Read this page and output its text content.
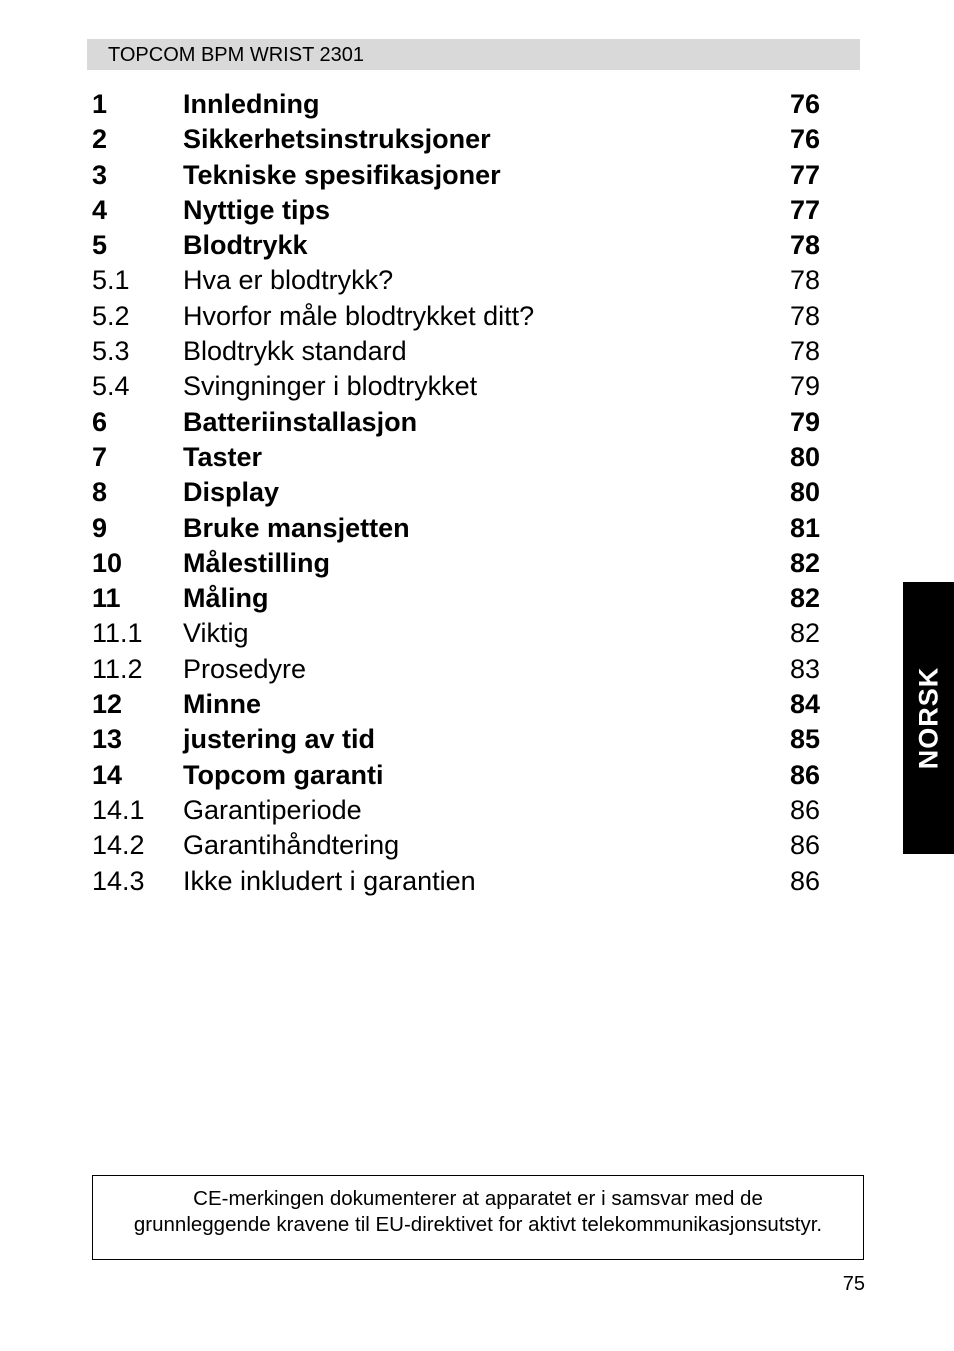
TOPCOM BPM WRIST 2301
1	Innledning	76
2	Sikkerhetsinstruksjoner	76
3	Tekniske spesifikasjoner	77
4	Nyttige tips	77
5	Blodtrykk	78
5.1 Hva er blodtrykk?	78
5.2 Hvorfor måle blodtrykket ditt?	78
5.3 Blodtrykk standard	78
5.4 Svingninger i blodtrykket	79
6	Batteriinstallasjon	79
7	Taster	80
8	Display	80
9	Bruke mansjetten	81
10 Målestilling	82
11 Måling	82
11.1 Viktig	82
11.2 Prosedyre	83
12 Minne	84
13 justering av tid	85
14 Topcom garanti	86
14.1 Garantiperiode	86
14.2 Garantihåndtering	86
14.3 Ikke inkludert i garantien	86
NORSK
CE-merkingen dokumenterer at apparatet er i samsvar med de
grunnleggende kravene til EU-direktivet for aktivt telekommunikasjonsutstyr.
75
